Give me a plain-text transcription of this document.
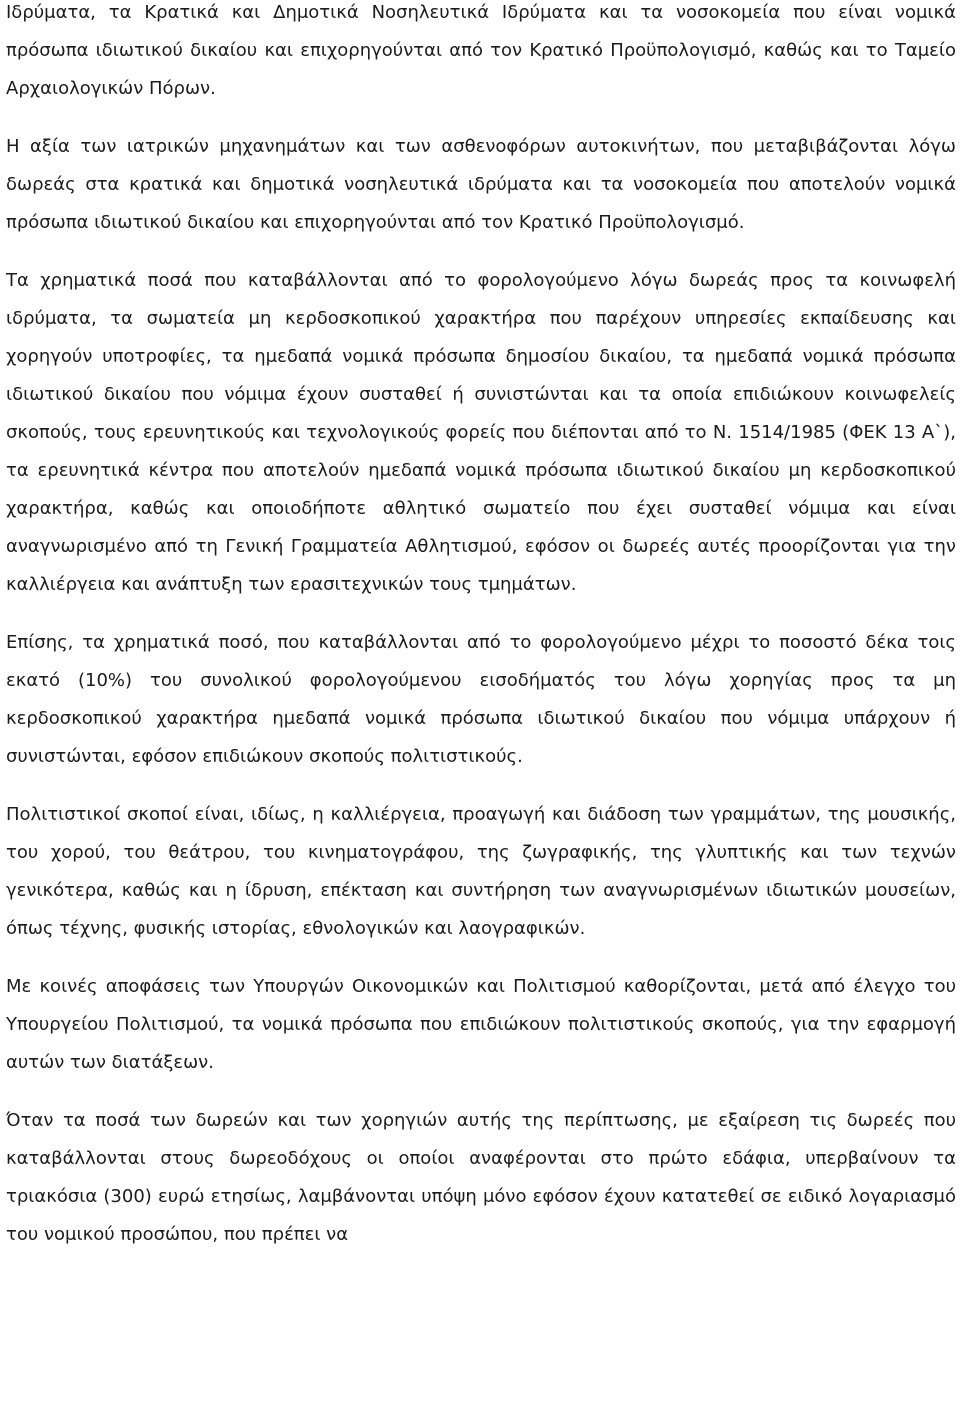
Ιδρύματα, τα Κρατικά και Δημοτικά Νοσηλευτικά Ιδρύματα και τα νοσοκομεία που είναι νομικά πρόσωπα ιδιωτικού δικαίου και επιχορηγούνται από τον Κρατικό Προϋπολογισμό, καθώς και το Ταμείο Αρχαιολογικών Πόρων.

Η αξία των ιατρικών μηχανημάτων και των ασθενοφόρων αυτοκινήτων, που μεταβιβάζονται λόγω δωρεάς στα κρατικά και δημοτικά νοσηλευτικά ιδρύματα και τα νοσοκομεία που αποτελούν νομικά πρόσωπα ιδιωτικού δικαίου και επιχορηγούνται από τον Κρατικό Προϋπολογισμό.

Τα χρηματικά ποσά που καταβάλλονται από το φορολογούμενο λόγω δωρεάς προς τα κοινωφελή ιδρύματα, τα σωματεία μη κερδοσκοπικού χαρακτήρα που παρέχουν υπηρεσίες εκπαίδευσης και χορηγούν υποτροφίες, τα ημεδαπά νομικά πρόσωπα δημοσίου δικαίου, τα ημεδαπά νομικά πρόσωπα ιδιωτικού δικαίου που νόμιμα έχουν συσταθεί ή συνιστώνται και τα οποία επιδιώκουν κοινωφελείς σκοπούς, τους ερευνητικούς και τεχνολογικούς φορείς που διέπονται από το Ν. 1514/1985 (ΦΕΚ 13 Α`), τα ερευνητικά κέντρα που αποτελούν ημεδαπά νομικά πρόσωπα ιδιωτικού δικαίου μη κερδοσκοπικού χαρακτήρα, καθώς και οποιοδήποτε αθλητικό σωματείο που έχει συσταθεί νόμιμα και είναι αναγνωρισμένο από τη Γενική Γραμματεία Αθλητισμού, εφόσον οι δωρεές αυτές προορίζονται για την καλλιέργεια και ανάπτυξη των ερασιτεχνικών τους τμημάτων.

Επίσης, τα χρηματικά ποσό, που καταβάλλονται από το φορολογούμενο μέχρι το ποσοστό δέκα τοις εκατό (10%) του συνολικού φορολογούμενου εισοδήματός του λόγω χορηγίας προς τα μη κερδοσκοπικού χαρακτήρα ημεδαπά νομικά πρόσωπα ιδιωτικού δικαίου που νόμιμα υπάρχουν ή συνιστώνται, εφόσον επιδιώκουν σκοπούς πολιτιστικούς.

Πολιτιστικοί σκοποί είναι, ιδίως, η καλλιέργεια, προαγωγή και διάδοση των γραμμάτων, της μουσικής, του χορού, του θεάτρου, του κινηματογράφου, της ζωγραφικής, της γλυπτικής και των τεχνών γενικότερα, καθώς και η ίδρυση, επέκταση και συντήρηση των αναγνωρισμένων ιδιωτικών μουσείων, όπως τέχνης, φυσικής ιστορίας, εθνολογικών και λαογραφικών.

Με κοινές αποφάσεις των Υπουργών Οικονομικών και Πολιτισμού καθορίζονται, μετά από έλεγχο του Υπουργείου Πολιτισμού, τα νομικά πρόσωπα που επιδιώκουν πολιτιστικούς σκοπούς, για την εφαρμογή αυτών των διατάξεων.

Όταν τα ποσά των δωρεών και των χορηγιών αυτής της περίπτωσης, με εξαίρεση τις δωρεές που καταβάλλονται στους δωρεοδόχους οι οποίοι αναφέρονται στο πρώτο εδάφια, υπερβαίνουν τα τριακόσια (300) ευρώ ετησίως, λαμβάνονται υπόψη μόνο εφόσον έχουν κατατεθεί σε ειδικό λογαριασμό του νομικού προσώπου, που πρέπει να
